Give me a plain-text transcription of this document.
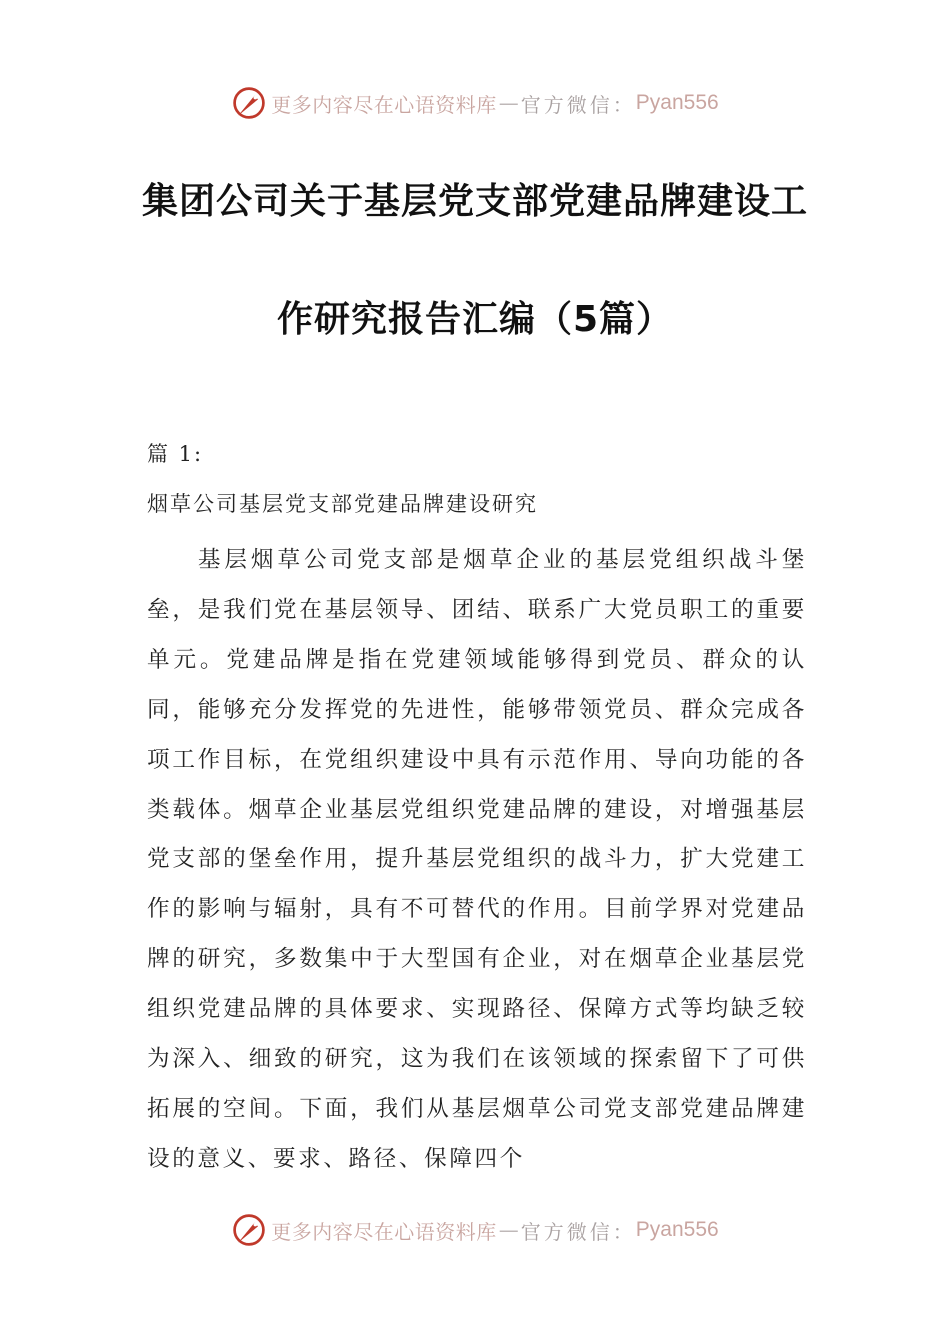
更多内容尽在心语资料库 — 官方微信： Pyan556
集团公司关于基层党支部党建品牌建设工
作研究报告汇编（5篇）
篇 1:
烟草公司基层党支部党建品牌建设研究
基层烟草公司党支部是烟草企业的基层党组织战斗堡垒，是我们党在基层领导、团结、联系广大党员职工的重要单元。党建品牌是指在党建领域能够得到党员、群众的认同，能够充分发挥党的先进性，能够带领党员、群众完成各项工作目标，在党组织建设中具有示范作用、导向功能的各类载体。烟草企业基层党组织党建品牌的建设，对增强基层党支部的堡垒作用，提升基层党组织的战斗力，扩大党建工作的影响与辐射，具有不可替代的作用。目前学界对党建品牌的研究，多数集中于大型国有企业，对在烟草企业基层党组织党建品牌的具体要求、实现路径、保障方式等均缺乏较为深入、细致的研究，这为我们在该领域的探索留下了可供拓展的空间。下面，我们从基层烟草公司党支部党建品牌建设的意义、要求、路径、保障四个
更多内容尽在心语资料库 — 官方微信： Pyan556
